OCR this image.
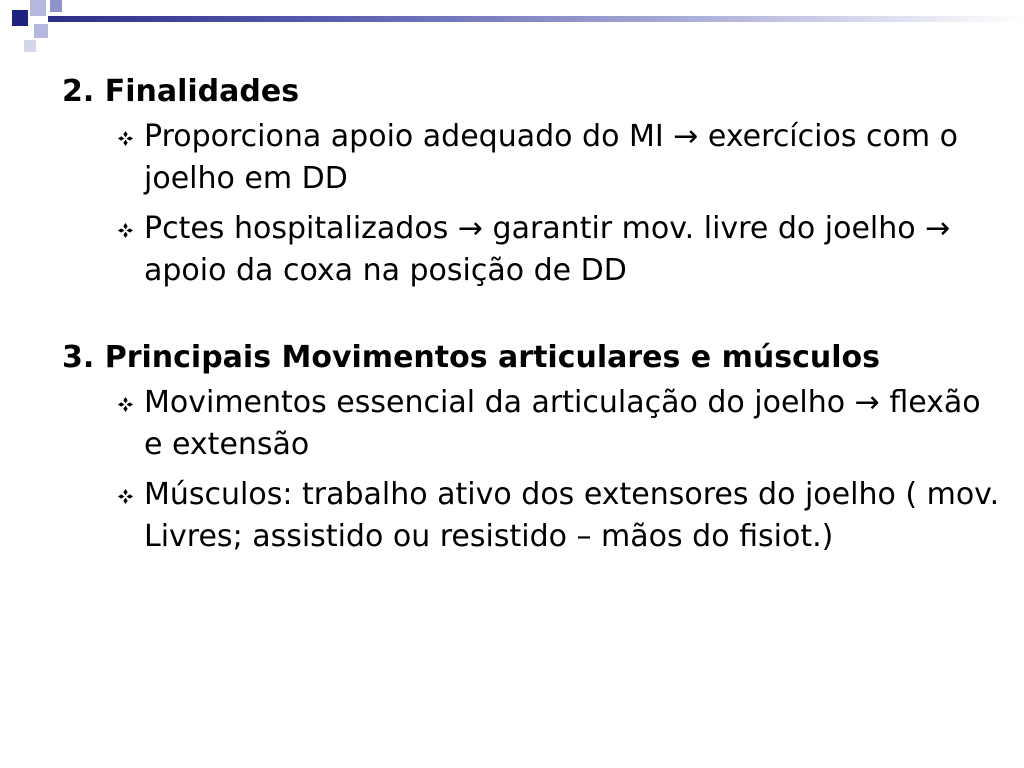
2. Finalidades

Proporciona apoio adequado do MI → exercícios com o joelho em DD
Pctes hospitalizados → garantir mov. livre do joelho → apoio da coxa na posição de DD

3. Principais Movimentos articulares e músculos

Movimentos essencial da articulação do joelho → flexão e extensão
Músculos: trabalho ativo dos extensores do joelho ( mov. Livres; assistido ou resistido – mãos do fisiot.)
